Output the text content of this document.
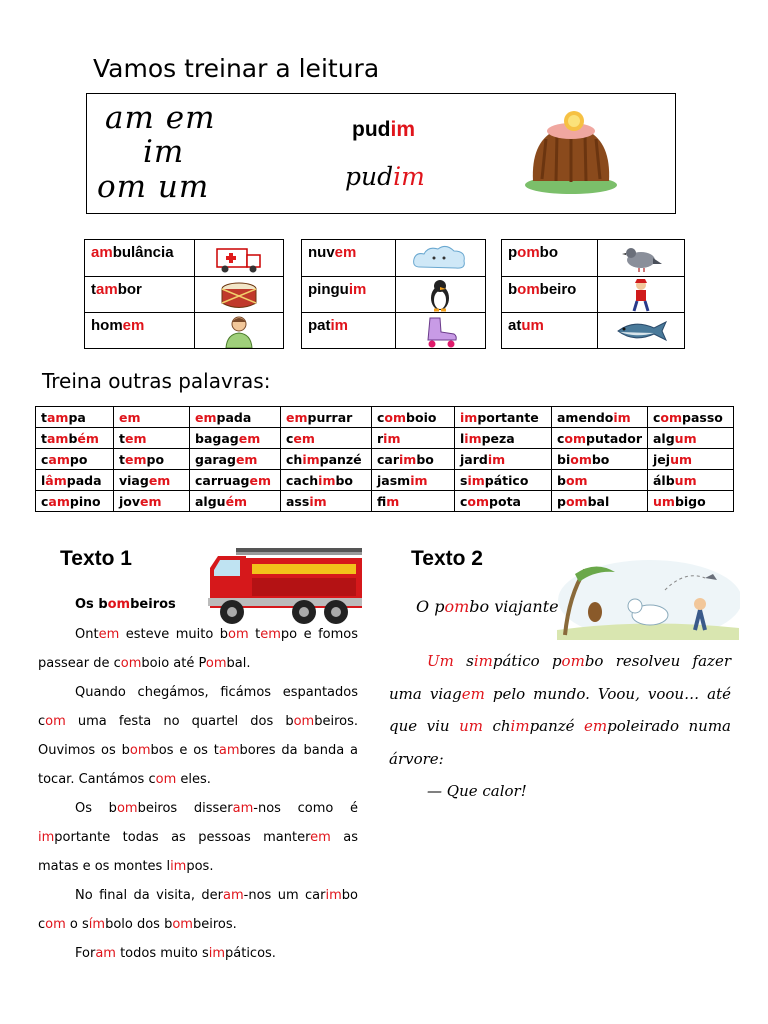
Vamos treinar a leitura
am em
im
om um
pudim
pudim
ambulância
tambor
homem
nuvem
pinguim
patim
pombo
bombeiro
atum
Treina outras palavras:
tampa	em	empada	empurrar	comboio	importante	amendoim	compasso
também	tem	bagagem	cem	rim	limpeza	computador	algum
campo	tempo	garagem	chimpanzé	carimbo	jardim	biombo	jejum
lâmpada	viagem	carruagem	cachimbo	jasmim	simpático	bom	álbum
campino	jovem	alguém	assim	fim	compota	pombal	umbigo
Texto 1
Os bombeiros

Ontem esteve muito bom tempo e fomos passear de comboio até Pombal.

Quando chegámos, ficámos espantados com uma festa no quartel dos bombeiros. Ouvimos os bombos e os tambores da banda a tocar. Cantámos com eles.

Os bombeiros disseram-nos como é importante todas as pessoas manterem as matas e os montes limpos.

No final da visita, deram-nos um carimbo com o símbolo dos bombeiros.

Foram todos muito simpáticos.

Texto 2
O pombo viajante

Um simpático pombo resolveu fazer uma viagem pelo mundo. Voou, voou… até que viu um chimpanzé empoleirado numa árvore:

— Que calor!
